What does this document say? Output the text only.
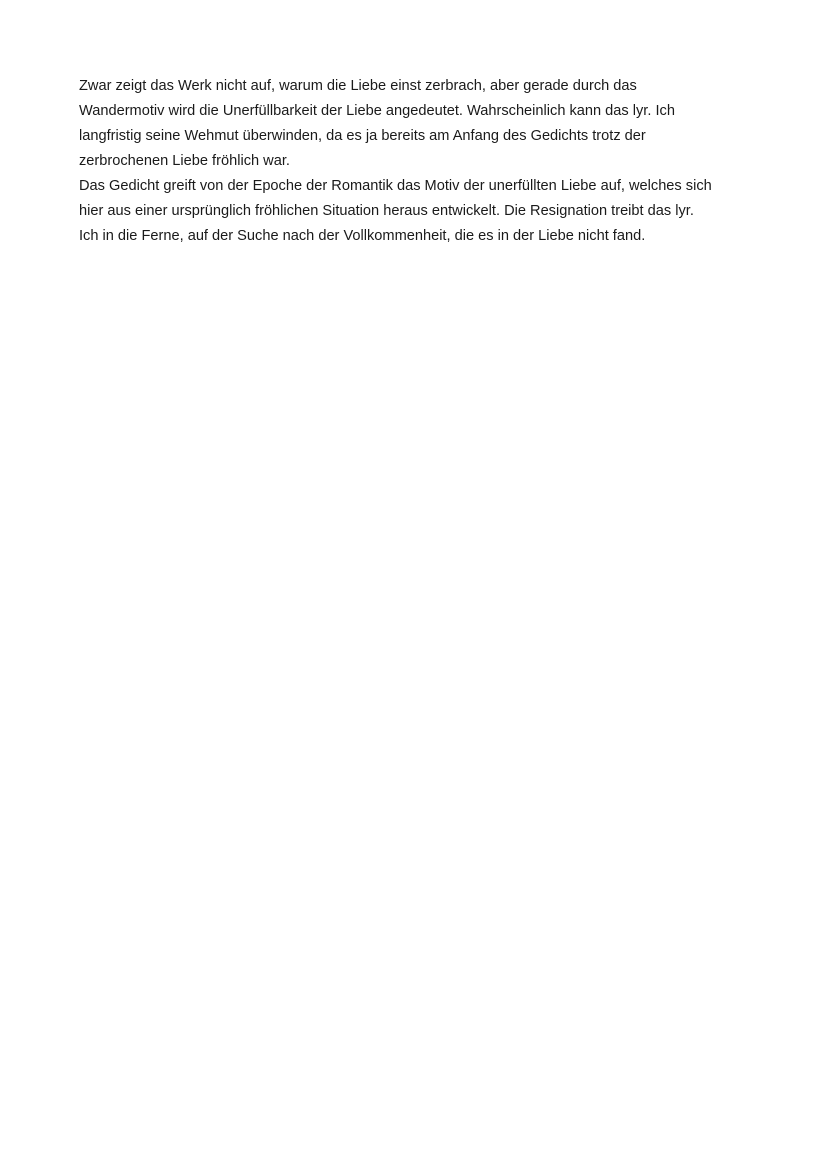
Zwar zeigt das Werk nicht auf, warum die Liebe einst zerbrach, aber gerade durch das
Wandermotiv wird die Unerfüllbarkeit der Liebe angedeutet. Wahrscheinlich kann das lyr. Ich
langfristig seine Wehmut überwinden, da es ja bereits am Anfang des Gedichts trotz der
zerbrochenen Liebe fröhlich war.

Das Gedicht greift von der Epoche der Romantik das Motiv der unerfüllten Liebe auf, welches sich
hier aus einer ursprünglich fröhlichen Situation heraus entwickelt. Die Resignation treibt das lyr.
Ich in die Ferne, auf der Suche nach der Vollkommenheit, die es in der Liebe nicht fand.
